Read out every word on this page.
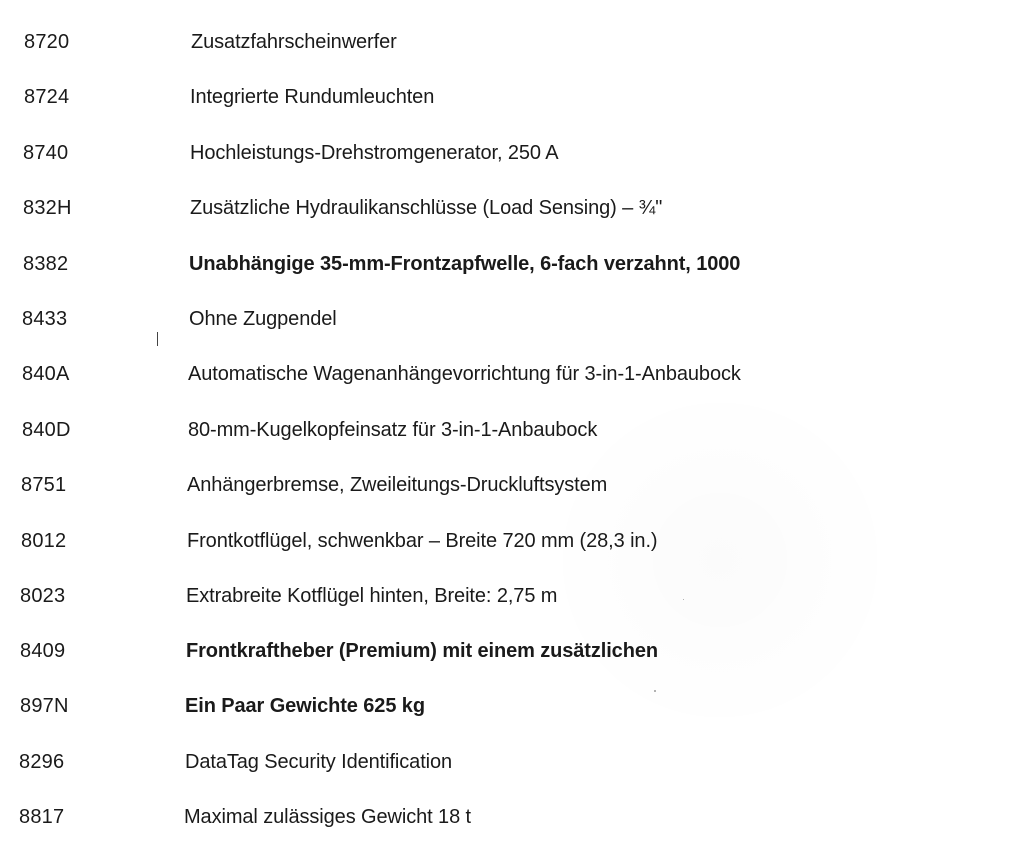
8720	Zusatzfahrscheinwerfer
8724	Integrierte Rundumleuchten
8740	Hochleistungs-Drehstromgenerator, 250 A
832H	Zusätzliche Hydraulikanschlüsse (Load Sensing) – ¾"
8382	Unabhängige 35-mm-Frontzapfwelle, 6-fach verzahnt, 1000
8433	Ohne Zugpendel
840A	Automatische Wagenanhängevorrichtung für 3-in-1-Anbaubock
840D	80-mm-Kugelkopfeinsatz für 3-in-1-Anbaubock
8751	Anhängerbremse, Zweileitungs-Druckluftsystem
8012	Frontkotflügel, schwenkbar – Breite 720 mm (28,3 in.)
8023	Extrabreite Kotflügel hinten, Breite: 2,75 m
8409	Frontkraftheber (Premium) mit einem zusätzlichen
897N	Ein Paar Gewichte 625 kg
8296	DataTag Security Identification
8817	Maximal zulässiges Gewicht 18 t
